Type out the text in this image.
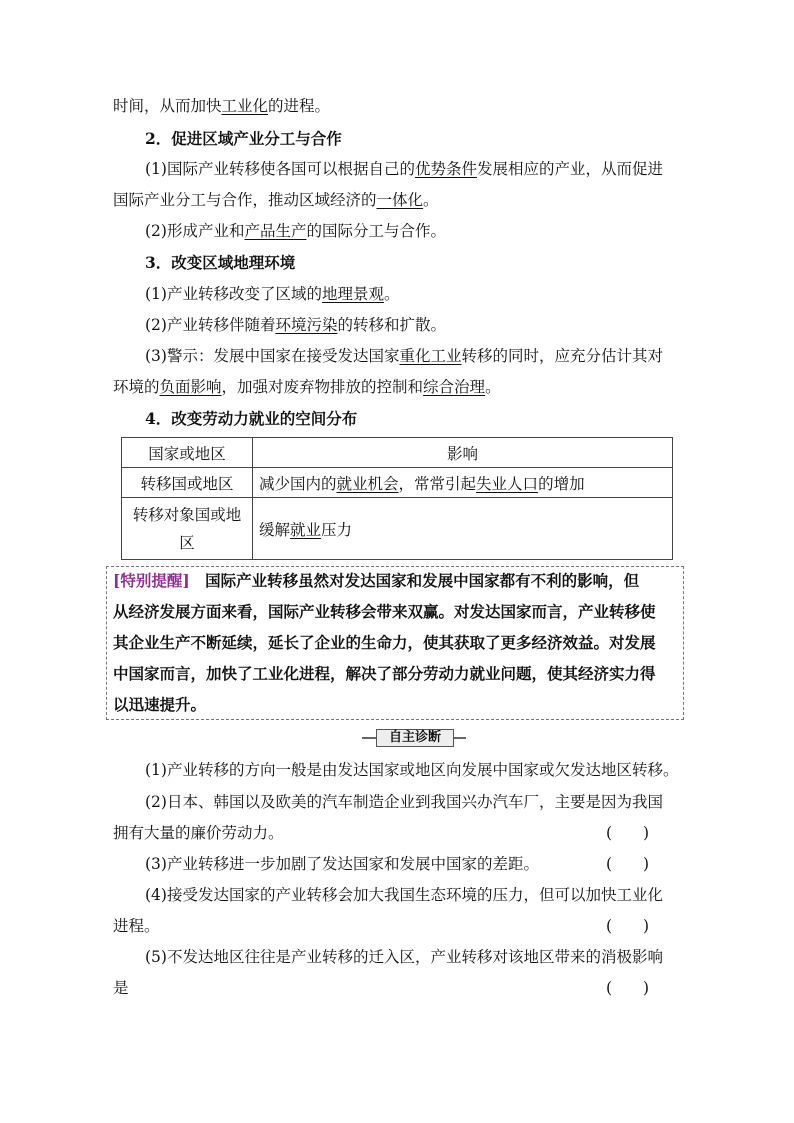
时间，从而加快工业化的进程。
2．促进区域产业分工与合作
(1)国际产业转移使各国可以根据自己的优势条件发展相应的产业，从而促进
国际产业分工与合作，推动区域经济的一体化。
(2)形成产业和产品生产的国际分工与合作。
3．改变区域地理环境
(1)产业转移改变了区域的地理景观。
(2)产业转移伴随着环境污染的转移和扩散。
(3)警示：发展中国家在接受发达国家重化工业转移的同时，应充分估计其对
环境的负面影响，加强对废弃物排放的控制和综合治理。
4．改变劳动力就业的空间分布
国家或地区	影响
转移国或地区	减少国内的就业机会，常常引起失业人口的增加
转移对象国或地
区	缓解就业压力
[特别提醒]　国际产业转移虽然对发达国家和发展中国家都有不利的影响，但
从经济发展方面来看，国际产业转移会带来双赢。对发达国家而言，产业转移使
其企业生产不断延续，延长了企业的生命力，使其获取了更多经济效益。对发展
中国家而言，加快了工业化进程，解决了部分劳动力就业问题，使其经济实力得
以迅速提升。
自主诊断
(1)产业转移的方向一般是由发达国家或地区向发展中国家或欠发达地区转移。
(2)日本、韩国以及欧美的汽车制造企业到我国兴办汽车厂，主要是因为我国
拥有大量的廉价劳动力。	(　　)
(3)产业转移进一步加剧了发达国家和发展中国家的差距。	(　　)
(4)接受发达国家的产业转移会加大我国生态环境的压力，但可以加快工业化
进程。	(　　)
(5)不发达地区往往是产业转移的迁入区，产业转移对该地区带来的消极影响
是	(　　)
